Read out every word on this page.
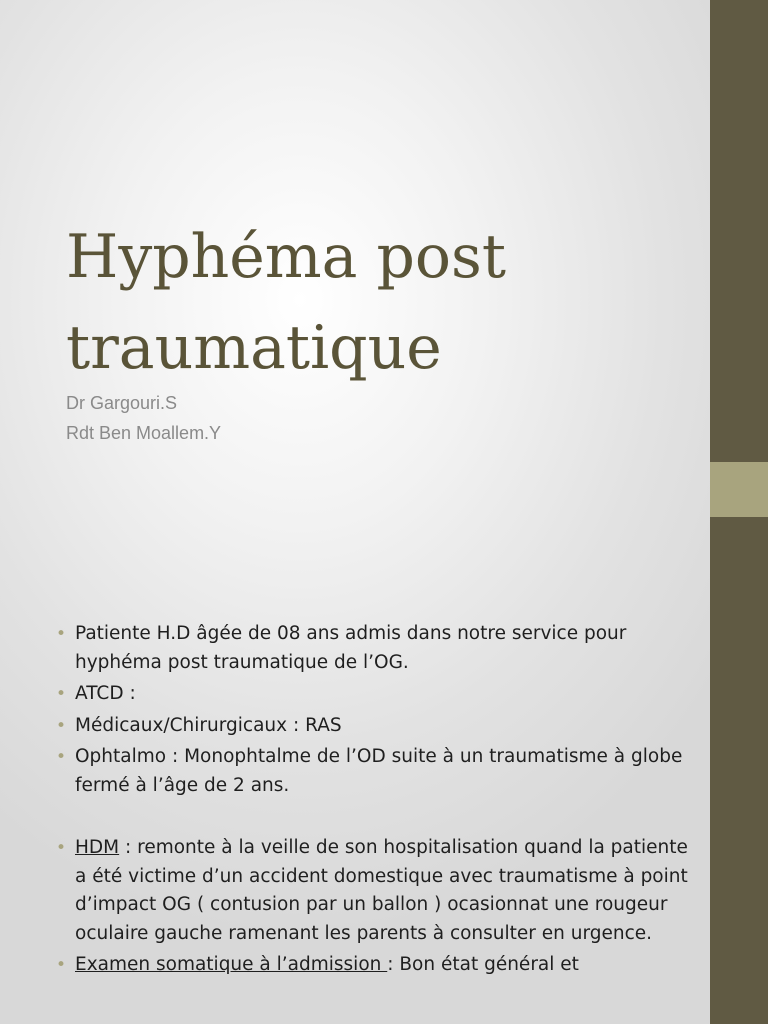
Hyphéma post traumatique
Dr Gargouri.S
Rdt Ben Moallem.Y
• Patiente H.D âgée de 08 ans admis dans notre service pour hyphéma post traumatique de l’OG.
• ATCD :
• Médicaux/Chirurgicaux : RAS
• Ophtalmo : Monophtalme de l’OD suite à un traumatisme à globe fermé à l’âge de 2 ans.
• HDM : remonte à la veille de son hospitalisation quand la patiente a été victime d’un accident domestique avec traumatisme à point d’impact OG ( contusion par un ballon ) ocasionnat une rougeur oculaire gauche ramenant les parents à consulter en urgence.
• Examen somatique à l’admission : Bon état général et
